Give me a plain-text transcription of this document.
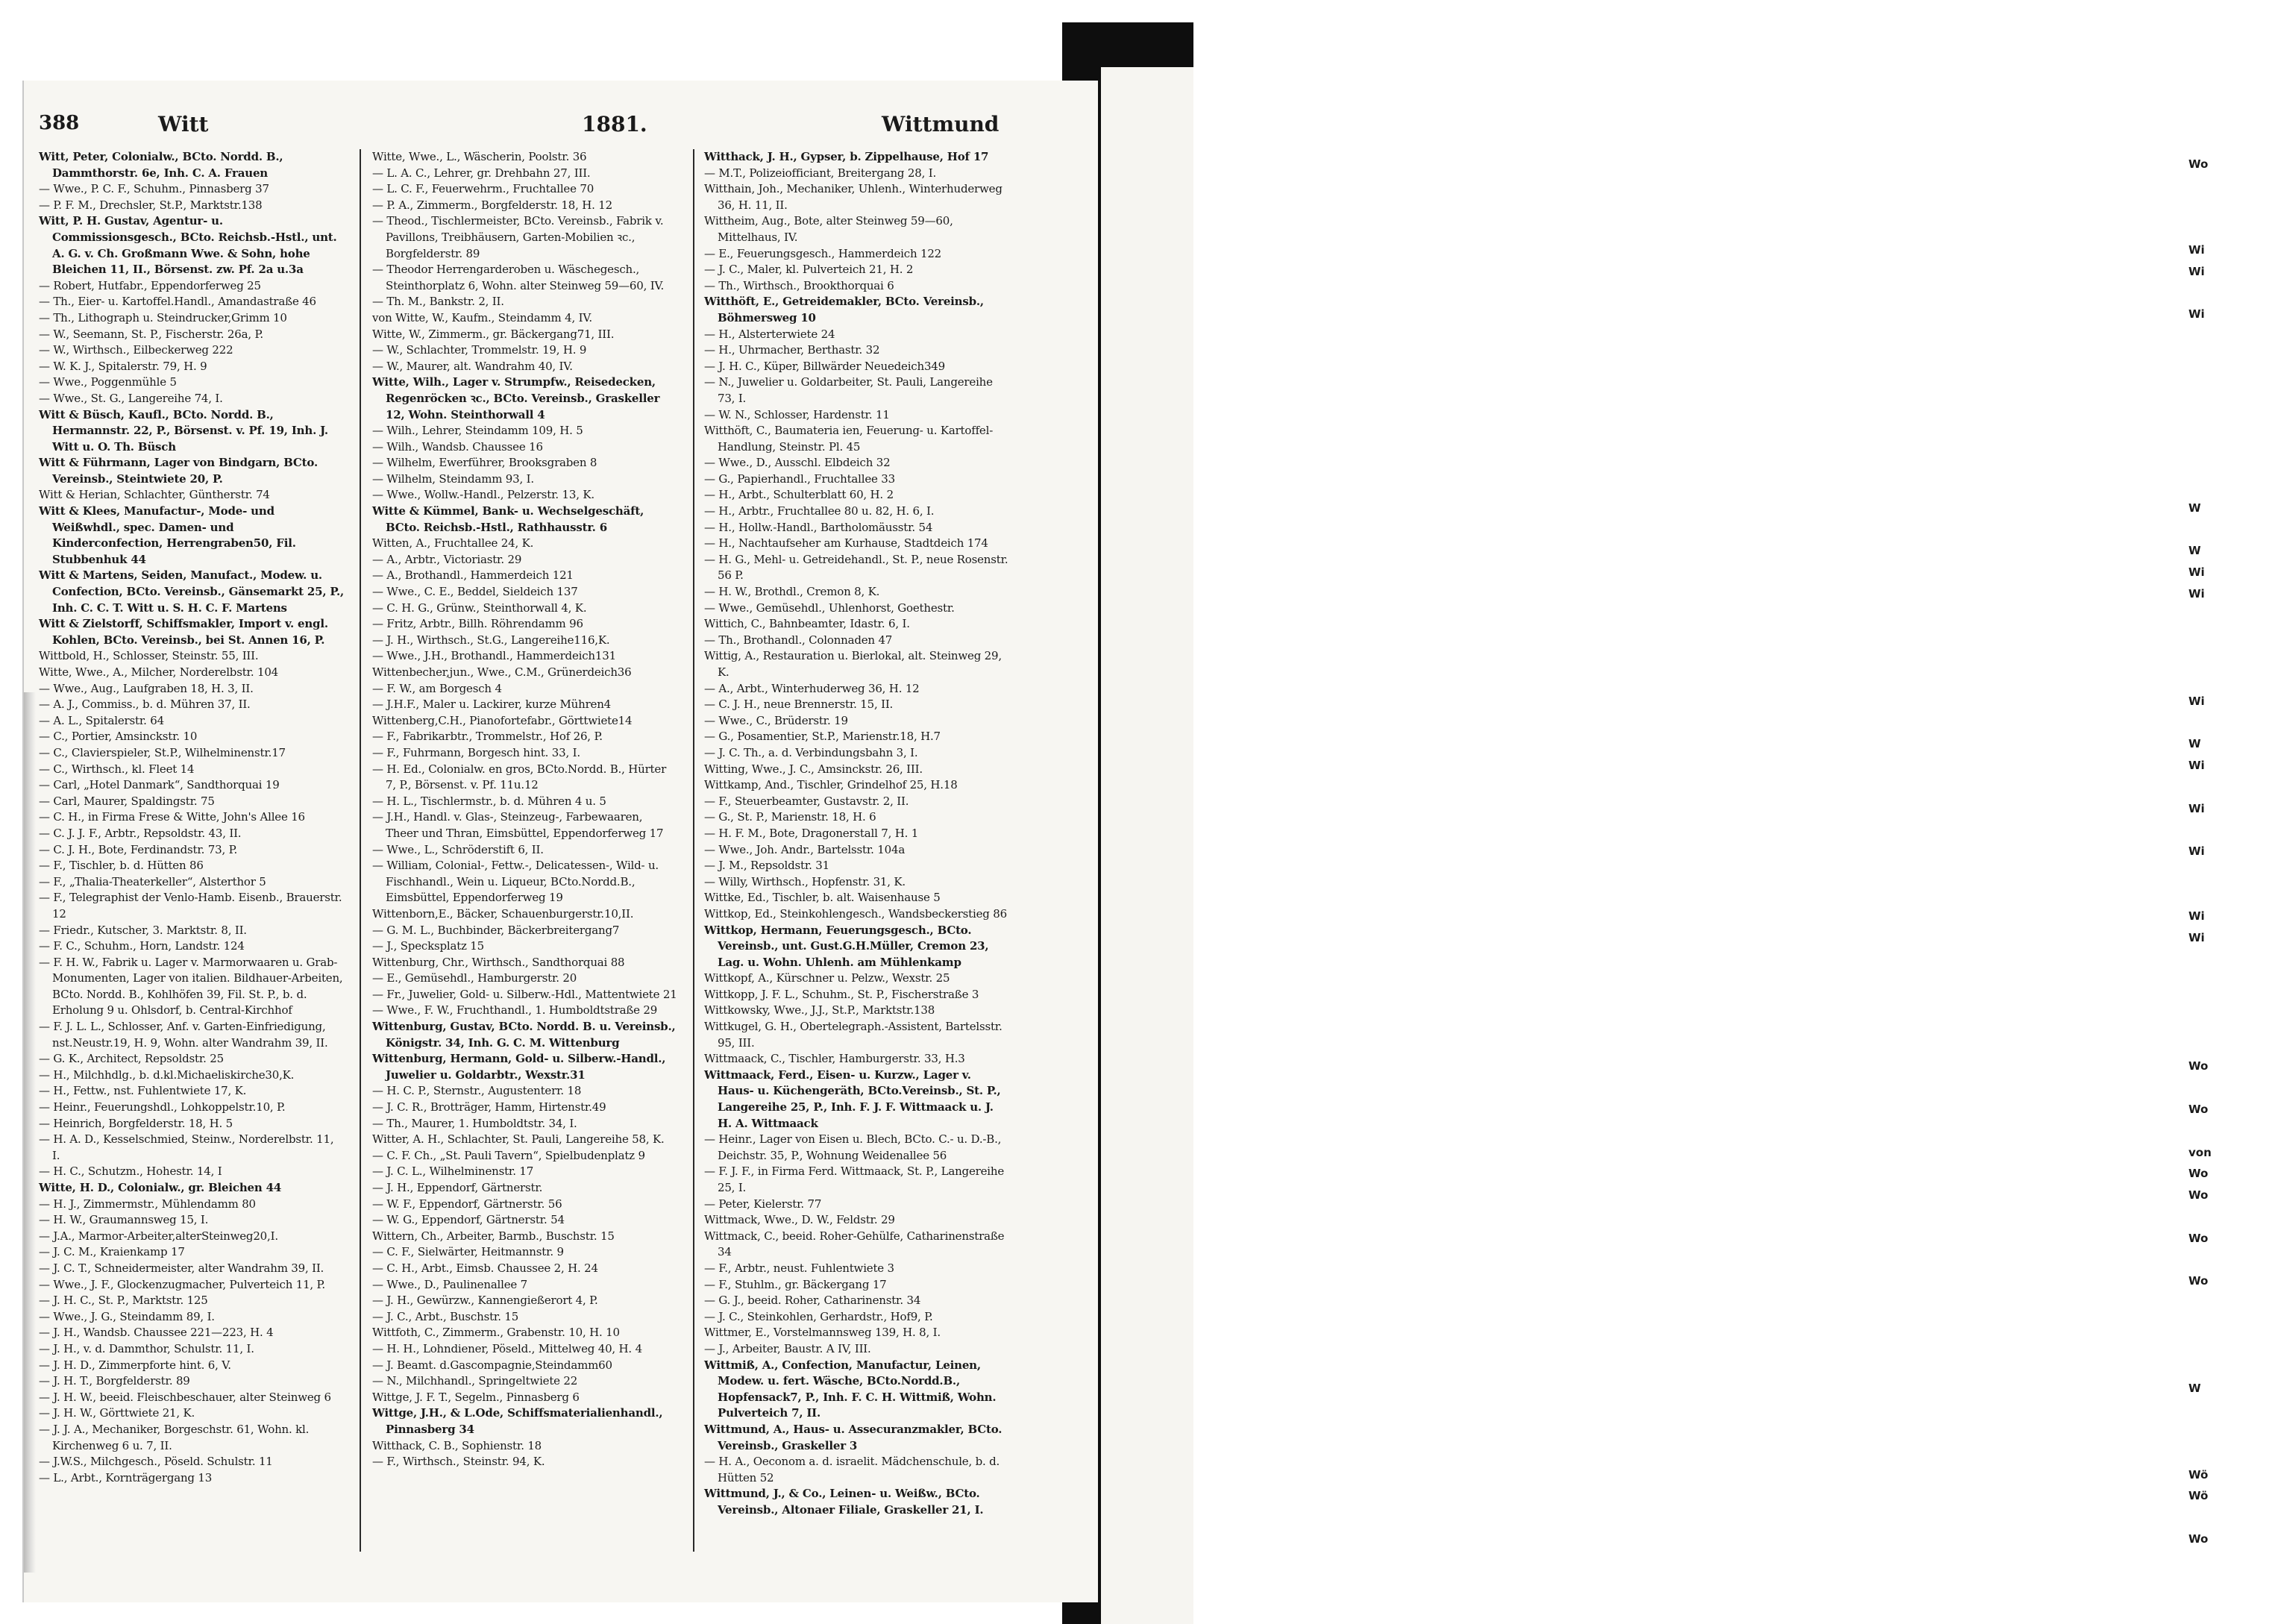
Wo
Wi
Wi
Wi
W
W
Wi
Wi
Wi
W
Wi
Wi
Wi
Wi
Wi
Wo
Wo
von
Wo
Wo
Wo
Wo
W
Wö
Wö
Wo
388	Witt	1881.	Wittmund

Witt, Peter, Colonialw., BCto. Nordd. B., Dammthorstr. 6e, Inh. C. A. Frauen

— Wwe., P. C. F., Schuhm., Pinnasberg 37

— P. F. M., Drechsler, St.P., Marktstr.138

Witt, P. H. Gustav, Agentur- u. Commissionsgesch., BCto. Reichsb.-Hstl., unt. A. G. v. Ch. Großmann Wwe. & Sohn, hohe Bleichen 11, II., Börsenst. zw. Pf. 2a u.3a

— Robert, Hutfabr., Eppendorferweg 25

— Th., Eier- u. Kartoffel.Handl., Amandastraße 46

— Th., Lithograph u. Steindrucker,Grimm 10

— W., Seemann, St. P., Fischerstr. 26a, P.

— W., Wirthsch., Eilbeckerweg 222

— W. K. J., Spitalerstr. 79, H. 9

— Wwe., Poggenmühle 5

— Wwe., St. G., Langereihe 74, I.

Witt & Büsch, Kaufl., BCto. Nordd. B., Hermannstr. 22, P., Börsenst. v. Pf. 19, Inh. J. Witt u. O. Th. Büsch

Witt & Führmann, Lager von Bindgarn, BCto. Vereinsb., Steintwiete 20, P.

Witt & Herian, Schlachter, Güntherstr. 74

Witt & Klees, Manufactur-, Mode- und Weißwhdl., spec. Damen- und Kinderconfection, Herrengraben50, Fil. Stubbenhuk 44

Witt & Martens, Seiden, Manufact., Modew. u. Confection, BCto. Vereinsb., Gänsemarkt 25, P., Inh. C. C. T. Witt u. S. H. C. F. Martens

Witt & Zielstorff, Schiffsmakler, Import v. engl. Kohlen, BCto. Vereinsb., bei St. Annen 16, P.

Wittbold, H., Schlosser, Steinstr. 55, III.

Witte, Wwe., A., Milcher, Norderelbstr. 104

— Wwe., Aug., Laufgraben 18, H. 3, II.

— A. J., Commiss., b. d. Mühren 37, II.

— A. L., Spitalerstr. 64

— C., Portier, Amsinckstr. 10

— C., Clavierspieler, St.P., Wilhelminenstr.17

— C., Wirthsch., kl. Fleet 14

— Carl, „Hotel Danmark“, Sandthorquai 19

— Carl, Maurer, Spaldingstr. 75

— C. H., in Firma Frese & Witte, John's Allee 16

— C. J. J. F., Arbtr., Repsoldstr. 43, II.

— C. J. H., Bote, Ferdinandstr. 73, P.

— F., Tischler, b. d. Hütten 86

— F., „Thalia-Theaterkeller“, Alsterthor 5

— F., Telegraphist der Venlo-Hamb. Eisenb., Brauerstr. 12

— Friedr., Kutscher, 3. Marktstr. 8, II.

— F. C., Schuhm., Horn, Landstr. 124

— F. H. W., Fabrik u. Lager v. Marmorwaaren u. Grab-Monumenten, Lager von italien. Bildhauer-Arbeiten, BCto. Nordd. B., Kohlhöfen 39, Fil. St. P., b. d. Erholung 9 u. Ohlsdorf, b. Central-Kirchhof

— F. J. L. L., Schlosser, Anf. v. Garten-Einfriedigung, nst.Neustr.19, H. 9, Wohn. alter Wandrahm 39, II.

— G. K., Architect, Repsoldstr. 25

— H., Milchhdlg., b. d.kl.Michaeliskirche30,K.

— H., Fettw., nst. Fuhlentwiete 17, K.

— Heinr., Feuerungshdl., Lohkoppelstr.10, P.

— Heinrich, Borgfelderstr. 18, H. 5

— H. A. D., Kesselschmied, Steinw., Norderelbstr. 11, I.

— H. C., Schutzm., Hohestr. 14, I

Witte, H. D., Colonialw., gr. Bleichen 44

— H. J., Zimmermstr., Mühlendamm 80

— H. W., Graumannsweg 15, I.

— J.A., Marmor-Arbeiter,alterSteinweg20,I.

— J. C. M., Kraienkamp 17

— J. C. T., Schneidermeister, alter Wandrahm 39, II.

— Wwe., J. F., Glockenzugmacher, Pulverteich 11, P.

— J. H. C., St. P., Marktstr. 125

— Wwe., J. G., Steindamm 89, I.

— J. H., Wandsb. Chaussee 221—223, H. 4

— J. H., v. d. Dammthor, Schulstr. 11, I.

— J. H. D., Zimmerpforte hint. 6, V.

— J. H. T., Borgfelderstr. 89

— J. H. W., beeid. Fleischbeschauer, alter Steinweg 6

— J. H. W., Görttwiete 21, K.

— J. J. A., Mechaniker, Borgeschstr. 61, Wohn. kl. Kirchenweg 6 u. 7, II.

— J.W.S., Milchgesch., Pöseld. Schulstr. 11

— L., Arbt., Kornträgergang 13

Witte, Wwe., L., Wäscherin, Poolstr. 36

— L. A. C., Lehrer, gr. Drehbahn 27, III.

— L. C. F., Feuerwehrm., Fruchtallee 70

— P. A., Zimmerm., Borgfelderstr. 18, H. 12

— Theod., Tischlermeister, BCto. Vereinsb., Fabrik v. Pavillons, Treibhäusern, Garten-Mobilien ꝛc., Borgfelderstr. 89

— Theodor Herrengarderoben u. Wäschegesch., Steinthorplatz 6, Wohn. alter Steinweg 59—60, IV.

— Th. M., Bankstr. 2, II.

von Witte, W., Kaufm., Steindamm 4, IV.

Witte, W., Zimmerm., gr. Bäckergang71, III.

— W., Schlachter, Trommelstr. 19, H. 9

— W., Maurer, alt. Wandrahm 40, IV.

Witte, Wilh., Lager v. Strumpfw., Reisedecken, Regenröcken ꝛc., BCto. Vereinsb., Graskeller 12, Wohn. Steinthorwall 4

— Wilh., Lehrer, Steindamm 109, H. 5

— Wilh., Wandsb. Chaussee 16

— Wilhelm, Ewerführer, Brooksgraben 8

— Wilhelm, Steindamm 93, I.

— Wwe., Wollw.-Handl., Pelzerstr. 13, K.

Witte & Kümmel, Bank- u. Wechselgeschäft, BCto. Reichsb.-Hstl., Rathhausstr. 6

Witten, A., Fruchtallee 24, K.

— A., Arbtr., Victoriastr. 29

— A., Brothandl., Hammerdeich 121

— Wwe., C. E., Beddel, Sieldeich 137

— C. H. G., Grünw., Steinthorwall 4, K.

— Fritz, Arbtr., Billh. Röhrendamm 96

— J. H., Wirthsch., St.G., Langereihe116,K.

— Wwe., J.H., Brothandl., Hammerdeich131

Wittenbecher,jun., Wwe., C.M., Grünerdeich36

— F. W., am Borgesch 4

— J.H.F., Maler u. Lackirer, kurze Mühren4

Wittenberg,C.H., Pianofortefabr., Görttwiete14

— F., Fabrikarbtr., Trommelstr., Hof 26, P.

— F., Fuhrmann, Borgesch hint. 33, I.

— H. Ed., Colonialw. en gros, BCto.Nordd. B., Hürter 7, P., Börsenst. v. Pf. 11u.12

— H. L., Tischlermstr., b. d. Mühren 4 u. 5

— J.H., Handl. v. Glas-, Steinzeug-, Farbewaaren, Theer und Thran, Eimsbüttel, Eppendorferweg 17

— Wwe., L., Schröderstift 6, II.

— William, Colonial-, Fettw.-, Delicatessen-, Wild- u. Fischhandl., Wein u. Liqueur, BCto.Nordd.B., Eimsbüttel, Eppendorferweg 19

Wittenborn,E., Bäcker, Schauenburgerstr.10,II.

— G. M. L., Buchbinder, Bäckerbreitergang7

— J., Specksplatz 15

Wittenburg, Chr., Wirthsch., Sandthorquai 88

— E., Gemüsehdl., Hamburgerstr. 20

— Fr., Juwelier, Gold- u. Silberw.-Hdl., Mattentwiete 21

— Wwe., F. W., Fruchthandl., 1. Humboldtstraße 29

Wittenburg, Gustav, BCto. Nordd. B. u. Vereinsb., Königstr. 34, Inh. G. C. M. Wittenburg

Wittenburg, Hermann, Gold- u. Silberw.-Handl., Juwelier u. Goldarbtr., Wexstr.31

— H. C. P., Sternstr., Augustenterr. 18

— J. C. R., Brotträger, Hamm, Hirtenstr.49

— Th., Maurer, 1. Humboldtstr. 34, I.

Witter, A. H., Schlachter, St. Pauli, Langereihe 58, K.

— C. F. Ch., „St. Pauli Tavern“, Spielbudenplatz 9

— J. C. L., Wilhelminenstr. 17

— J. H., Eppendorf, Gärtnerstr.

— W. F., Eppendorf, Gärtnerstr. 56

— W. G., Eppendorf, Gärtnerstr. 54

Wittern, Ch., Arbeiter, Barmb., Buschstr. 15

— C. F., Sielwärter, Heitmannstr. 9

— C. H., Arbt., Eimsb. Chaussee 2, H. 24

— Wwe., D., Paulinenallee 7

— J. H., Gewürzw., Kannengießerort 4, P.

— J. C., Arbt., Buschstr. 15

Wittfoth, C., Zimmerm., Grabenstr. 10, H. 10

— H. H., Lohndiener, Pöseld., Mittelweg 40, H. 4

— J. Beamt. d.Gascompagnie,Steindamm60

— N., Milchhandl., Springeltwiete 22

Wittge, J. F. T., Segelm., Pinnasberg 6

Wittge, J.H., & L.Ode, Schiffsmaterialienhandl., Pinnasberg 34

Witthack, C. B., Sophienstr. 18

— F., Wirthsch., Steinstr. 94, K.

Witthack, J. H., Gypser, b. Zippelhause, Hof 17

— M.T., Polizeiofficiant, Breitergang 28, I.

Witthain, Joh., Mechaniker, Uhlenh., Winterhuderweg 36, H. 11, II.

Wittheim, Aug., Bote, alter Steinweg 59—60, Mittelhaus, IV.

— E., Feuerungsgesch., Hammerdeich 122

— J. C., Maler, kl. Pulverteich 21, H. 2

— Th., Wirthsch., Brookthorquai 6

Witthöft, E., Getreidemakler, BCto. Vereinsb., Böhmersweg 10

— H., Alsterterwiete 24

— H., Uhrmacher, Berthastr. 32

— J. H. C., Küper, Billwärder Neuedeich349

— N., Juwelier u. Goldarbeiter, St. Pauli, Langereihe 73, I.

— W. N., Schlosser, Hardenstr. 11

Witthöft, C., Baumateria ien, Feuerung- u. Kartoffel-Handlung, Steinstr. Pl. 45

— Wwe., D., Ausschl. Elbdeich 32

— G., Papierhandl., Fruchtallee 33

— H., Arbt., Schulterblatt 60, H. 2

— H., Arbtr., Fruchtallee 80 u. 82, H. 6, I.

— H., Hollw.-Handl., Bartholomäusstr. 54

— H., Nachtaufseher am Kurhause, Stadtdeich 174

— H. G., Mehl- u. Getreidehandl., St. P., neue Rosenstr. 56 P.

— H. W., Brothdl., Cremon 8, K.

— Wwe., Gemüsehdl., Uhlenhorst, Goethestr.

Wittich, C., Bahnbeamter, Idastr. 6, I.

— Th., Brothandl., Colonnaden 47

Wittig, A., Restauration u. Bierlokal, alt. Steinweg 29, K.

— A., Arbt., Winterhuderweg 36, H. 12

— C. J. H., neue Brennerstr. 15, II.

— Wwe., C., Brüderstr. 19

— G., Posamentier, St.P., Marienstr.18, H.7

— J. C. Th., a. d. Verbindungsbahn 3, I.

Witting, Wwe., J. C., Amsinckstr. 26, III.

Wittkamp, And., Tischler, Grindelhof 25, H.18

— F., Steuerbeamter, Gustavstr. 2, II.

— G., St. P., Marienstr. 18, H. 6

— H. F. M., Bote, Dragonerstall 7, H. 1

— Wwe., Joh. Andr., Bartelsstr. 104a

— J. M., Repsoldstr. 31

— Willy, Wirthsch., Hopfenstr. 31, K.

Wittke, Ed., Tischler, b. alt. Waisenhause 5

Wittkop, Ed., Steinkohlengesch., Wandsbeckerstieg 86

Wittkop, Hermann, Feuerungsgesch., BCto. Vereinsb., unt. Gust.G.H.Müller, Cremon 23, Lag. u. Wohn. Uhlenh. am Mühlenkamp

Wittkopf, A., Kürschner u. Pelzw., Wexstr. 25

Wittkopp, J. F. L., Schuhm., St. P., Fischerstraße 3

Wittkowsky, Wwe., J.J., St.P., Marktstr.138

Wittkugel, G. H., Obertelegraph.-Assistent, Bartelsstr. 95, III.

Wittmaack, C., Tischler, Hamburgerstr. 33, H.3

Wittmaack, Ferd., Eisen- u. Kurzw., Lager v. Haus- u. Küchengeräth, BCto.Vereinsb., St. P., Langereihe 25, P., Inh. F. J. F. Wittmaack u. J. H. A. Wittmaack

— Heinr., Lager von Eisen u. Blech, BCto. C.- u. D.-B., Deichstr. 35, P., Wohnung Weidenallee 56

— F. J. F., in Firma Ferd. Wittmaack, St. P., Langereihe 25, I.

— Peter, Kielerstr. 77

Wittmack, Wwe., D. W., Feldstr. 29

Wittmack, C., beeid. Roher-Gehülfe, Catharinenstraße 34

— F., Arbtr., neust. Fuhlentwiete 3

— F., Stuhlm., gr. Bäckergang 17

— G. J., beeid. Roher, Catharinenstr. 34

— J. C., Steinkohlen, Gerhardstr., Hof9, P.

Wittmer, E., Vorstelmannsweg 139, H. 8, I.

— J., Arbeiter, Baustr. A IV, III.

Wittmiß, A., Confection, Manufactur, Leinen, Modew. u. fert. Wäsche, BCto.Nordd.B., Hopfensack7, P., Inh. F. C. H. Wittmiß, Wohn. Pulverteich 7, II.

Wittmund, A., Haus- u. Assecuranzmakler, BCto. Vereinsb., Graskeller 3

— H. A., Oeconom a. d. israelit. Mädchenschule, b. d. Hütten 52

Wittmund, J., & Co., Leinen- u. Weißw., BCto. Vereinsb., Altonaer Filiale, Graskeller 21, I.
